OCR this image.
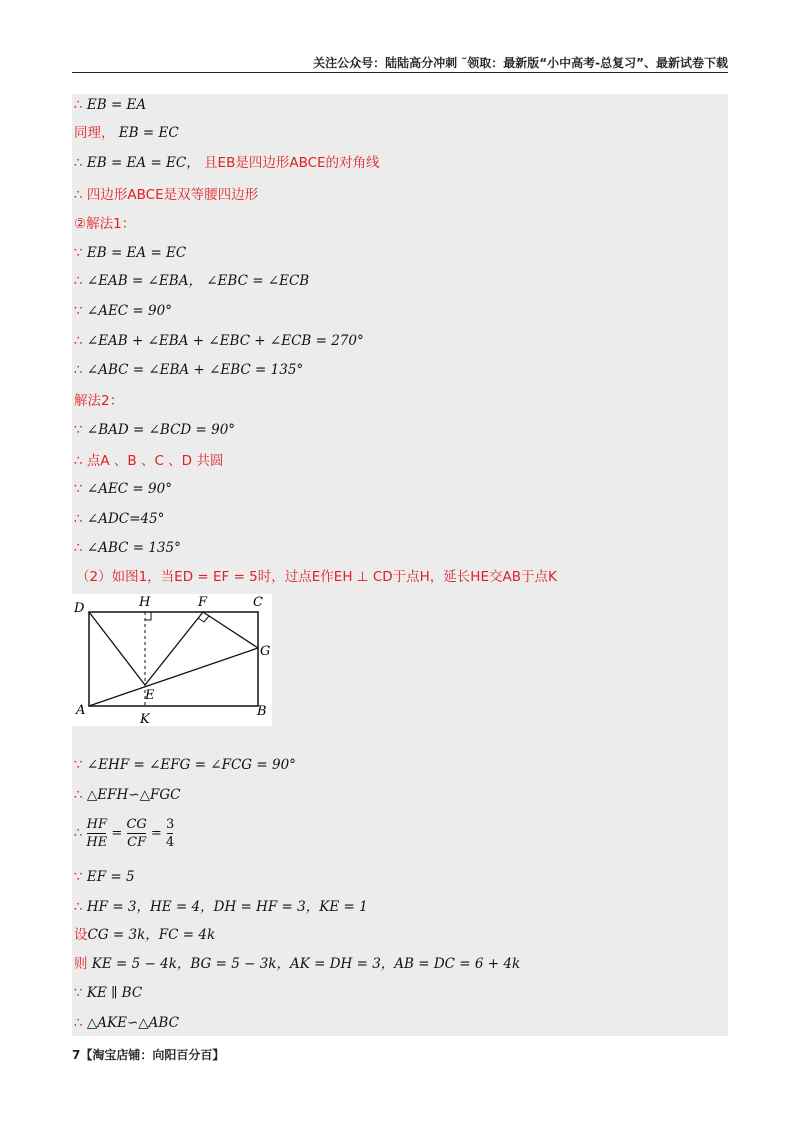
关注公众号：陆陆高分冲刺 ˜领取：最新版“小中高考-总复习”、最新试卷下载
∴ EB = EA
同理， EB = EC
∴ EB = EA = EC， 且EB是四边形ABCE的对角线
∴ 四边形ABCE是双等腰四边形
②解法1：
∵ EB = EA = EC
∴ ∠EAB = ∠EBA， ∠EBC = ∠ECB
∵ ∠AEC = 90°
∴ ∠EAB + ∠EBA + ∠EBC + ∠ECB = 270°
∴ ∠ABC = ∠EBA + ∠EBC = 135°
解法2：
∵ ∠BAD = ∠BCD = 90°
∴ 点A 、B 、C 、D 共圆
∵ ∠AEC = 90°
∴ ∠ADC=45°
∴ ∠ABC = 135°
（2）如图1，当ED = EF = 5时，过点E作EH ⊥ CD于点H，延长HE交AB于点K
D	H	F	C
G
E
A
K
B
∵ ∠EHF = ∠EFG = ∠FCG = 90°
∴ △EFH∽△FGC
∴ $\frac{HF}{HE} = \frac{CG}{CF} = \frac{3}{4}$
∵ EF = 5
∴ HF = 3，HE = 4，DH = HF = 3，KE = 1
设CG = 3k，FC = 4k
则 KE = 5 − 4k，BG = 5 − 3k，AK = DH = 3，AB = DC = 6 + 4k
∵ KE ∥ BC
∴ △AKE∽△ABC
7【淘宝店铺：向阳百分百】
